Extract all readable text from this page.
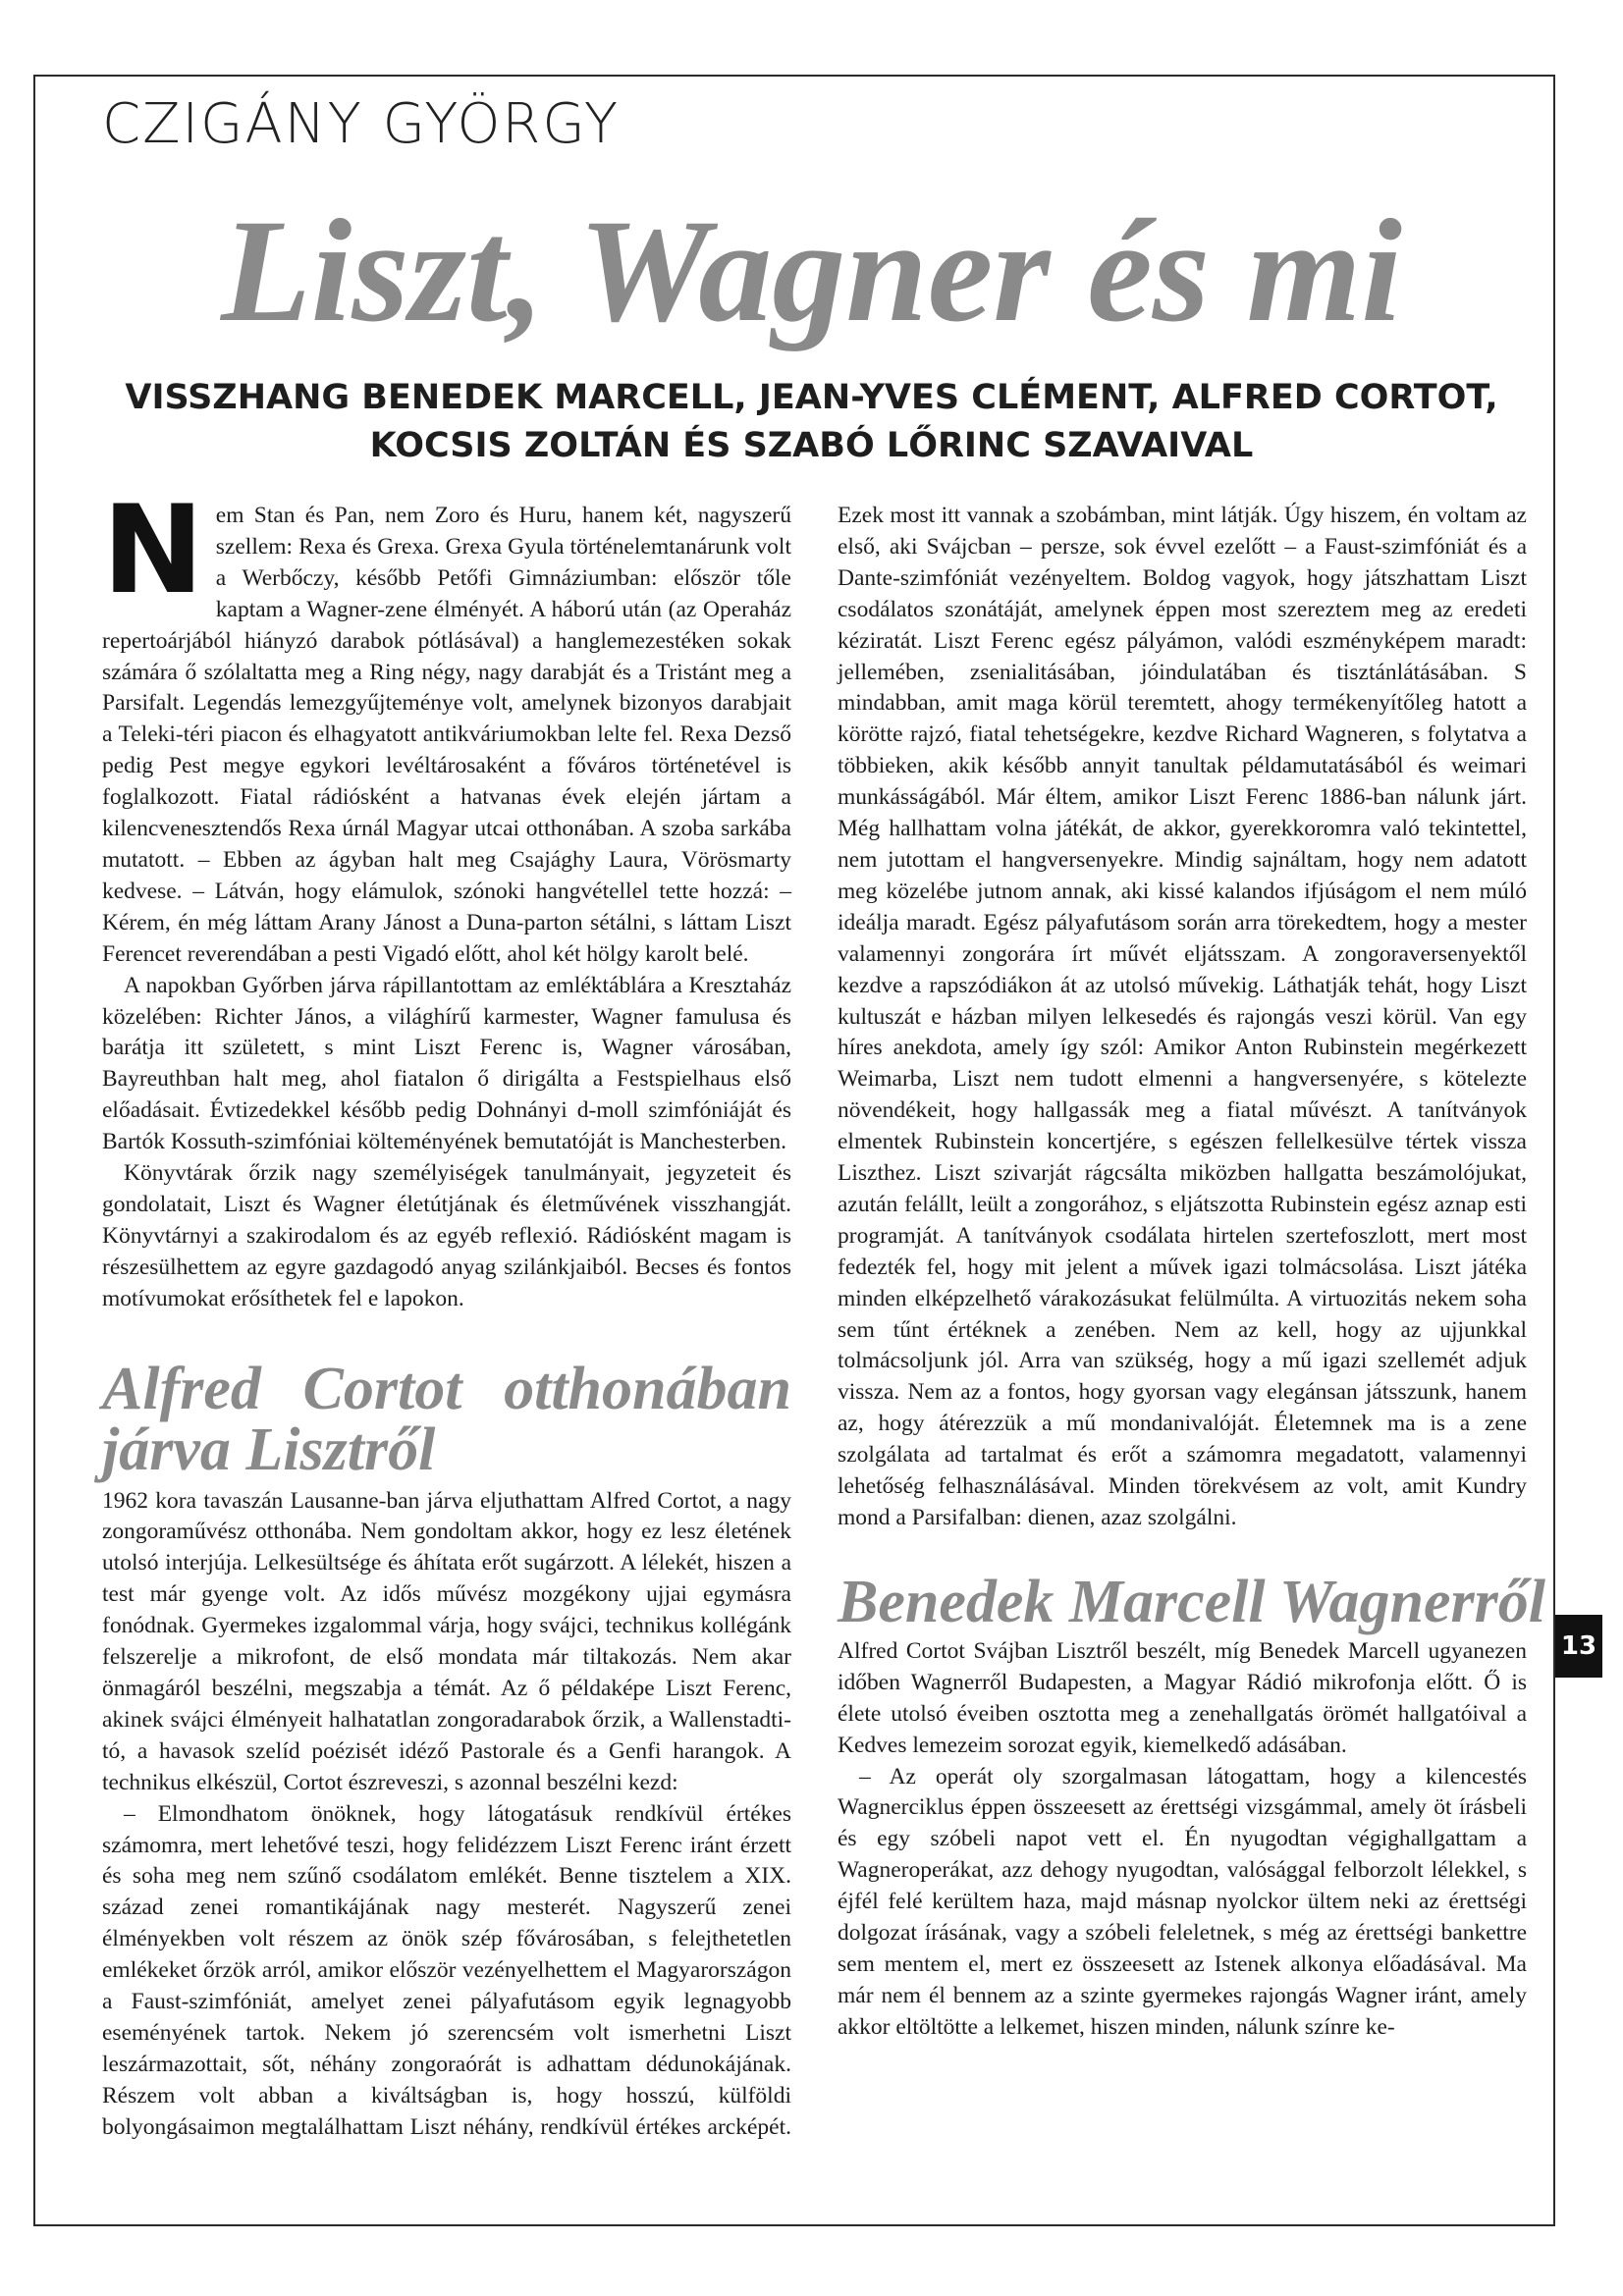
CZIGÁNY GYÖRGY
Liszt, Wagner és mi
VISSZHANG BENEDEK MARCELL, JEAN-YVES CLÉMENT, ALFRED CORTOT,
KOCSIS ZOLTÁN ÉS SZABÓ LŐRINC SZAVAIVAL

Nem Stan és Pan, nem Zoro és Huru, hanem két, nagyszerű szellem: Rexa és Grexa. Grexa Gyula történelemtanárunk volt a Werbőczy, később Petőfi Gimnáziumban: először tőle kaptam a Wagner-zene élményét. A háború után (az Operaház repertoárjából hiányzó darabok pótlásával) a hanglemezestéken sokak számára ő szólaltatta meg a Ring négy, nagy darabját és a Tristánt meg a Parsifalt. Legendás lemezgyűjteménye volt, amelynek bizonyos darabjait a Teleki-téri piacon és elhagyatott antikváriumokban lelte fel. Rexa Dezső pedig Pest megye egykori levéltárosaként a főváros történetével is foglalkozott. Fiatal rádiósként a hatvanas évek elején jártam a kilencvenesztendős Rexa úrnál Magyar utcai otthonában. A szoba sarkába mutatott. – Ebben az ágyban halt meg Csajághy Laura, Vörösmarty kedvese. – Látván, hogy elámulok, szónoki hangvétellel tette hozzá: – Kérem, én még láttam Arany Jánost a Duna-parton sétálni, s láttam Liszt Ferencet reverendában a pesti Vigadó előtt, ahol két hölgy karolt belé.

A napokban Győrben járva rápillantottam az emléktáblára a Kresztaház közelében: Richter János, a világhírű karmester, Wagner famulusa és barátja itt született, s mint Liszt Ferenc is, Wagner városában, Bayreuthban halt meg, ahol fiatalon ő dirigálta a Festspielhaus első előadásait. Évtizedekkel később pedig Dohnányi d-moll szimfóniáját és Bartók Kossuth-szimfóniai költeményének bemutatóját is Manchesterben.

Könyvtárak őrzik nagy személyiségek tanulmányait, jegyzeteit és gondolatait, Liszt és Wagner életútjának és életművének visszhangját. Könyvtárnyi a szakirodalom és az egyéb reflexió. Rádiósként magam is részesülhettem az egyre gazdagodó anyag szilánkjaiból. Becses és fontos motívumokat erősíthetek fel e lapokon.

Alfred Cortot otthonában járva Lisztről

1962 kora tavaszán Lausanne-ban járva eljuthattam Alfred Cortot, a nagy zongoraművész otthonába. Nem gondoltam akkor, hogy ez lesz életének utolsó interjúja. Lelkesültsége és áhítata erőt sugárzott. A lélekét, hiszen a test már gyenge volt. Az idős művész mozgékony ujjai egymásra fonódnak. Gyermekes izgalommal várja, hogy svájci, technikus kollégánk felszerelje a mikrofont, de első mondata már tiltakozás. Nem akar önmagáról beszélni, megszabja a témát. Az ő példaképe Liszt Ferenc, akinek svájci élményeit halhatatlan zongoradarabok őrzik, a Wallenstadti-tó, a havasok szelíd poézisét idéző Pastorale és a Genfi harangok. A technikus elkészül, Cortot észreveszi, s azonnal beszélni kezd:

– Elmondhatom önöknek, hogy látogatásuk rendkívül értékes számomra, mert lehetővé teszi, hogy felidézzem Liszt Ferenc iránt érzett és soha meg nem szűnő csodálatom emlékét. Benne tisztelem a XIX. század zenei romantikájának nagy mesterét. Nagyszerű zenei élményekben volt részem az önök szép fővárosában, s felejthetetlen emlékeket őrzök arról, amikor először vezényelhettem el Magyarországon a Faust-szimfóniát, amelyet zenei pályafutásom egyik legnagyobb eseményének tartok. Nekem jó szerencsém volt ismerhetni Liszt leszármazottait, sőt, néhány zongoraórát is adhattam dédunokájának. Részem volt abban a kiváltságban is, hogy hosszú, külföldi bolyongásaimon megtalálhattam Liszt néhány, rendkívül értékes arcképét.

Ezek most itt vannak a szobámban, mint látják. Úgy hiszem, én voltam az első, aki Svájcban – persze, sok évvel ezelőtt – a Faust-szimfóniát és a Dante-szimfóniát vezényeltem. Boldog vagyok, hogy játszhattam Liszt csodálatos szonátáját, amelynek éppen most szereztem meg az eredeti kéziratát. Liszt Ferenc egész pályámon, valódi eszményképem maradt: jellemében, zsenialitásában, jóindulatában és tisztánlátásában. S mindabban, amit maga körül teremtett, ahogy termékenyítőleg hatott a körötte rajzó, fiatal tehetségekre, kezdve Richard Wagneren, s folytatva a többieken, akik később annyit tanultak példamutatásából és weimari munkásságából. Már éltem, amikor Liszt Ferenc 1886-ban nálunk járt. Még hallhattam volna játékát, de akkor, gyerekkoromra való tekintettel, nem jutottam el hangversenyekre. Mindig sajnáltam, hogy nem adatott meg közelébe jutnom annak, aki kissé kalandos ifjúságom el nem múló ideálja maradt. Egész pályafutásom során arra törekedtem, hogy a mester valamennyi zongorára írt művét eljátsszam. A zongoraversenyektől kezdve a rapszódiákon át az utolsó művekig. Láthatják tehát, hogy Liszt kultuszát e házban milyen lelkesedés és rajongás veszi körül. Van egy híres anekdota, amely így szól: Amikor Anton Rubinstein megérkezett Weimarba, Liszt nem tudott elmenni a hangversenyére, s kötelezte növendékeit, hogy hallgassák meg a fiatal művészt. A tanítványok elmentek Rubinstein koncertjére, s egészen fellelkesülve tértek vissza Liszthez. Liszt szivarját rágcsálta miközben hallgatta beszámolójukat, azután felállt, leült a zongorához, s eljátszotta Rubinstein egész aznap esti programját. A tanítványok csodálata hirtelen szertefoszlott, mert most fedezték fel, hogy mit jelent a művek igazi tolmácsolása. Liszt játéka minden elképzelhető várakozásukat felülmúlta. A virtuozitás nekem soha sem tűnt értéknek a zenében. Nem az kell, hogy az ujjunkkal tolmácsoljunk jól. Arra van szükség, hogy a mű igazi szellemét adjuk vissza. Nem az a fontos, hogy gyorsan vagy elegánsan játsszunk, hanem az, hogy átérezzük a mű mondanivalóját. Életemnek ma is a zene szolgálata ad tartalmat és erőt a számomra megadatott, valamennyi lehetőség felhasználásával. Minden törekvésem az volt, amit Kundry mond a Parsifalban: dienen, azaz szolgálni.

Benedek Marcell Wagnerről

Alfred Cortot Svájban Lisztről beszélt, míg Benedek Marcell ugyanezen időben Wagnerről Budapesten, a Magyar Rádió mikrofonja előtt. Ő is élete utolsó éveiben osztotta meg a zenehallgatás örömét hallgatóival a Kedves lemezeim sorozat egyik, kiemelkedő adásában.

– Az operát oly szorgalmasan látogattam, hogy a kilencestés Wagnerciklus éppen összeesett az érettségi vizsgámmal, amely öt írásbeli és egy szóbeli napot vett el. Én nyugodtan végighallgattam a Wagneroperákat, azz dehogy nyugodtan, valósággal felborzolt lélekkel, s éjfél felé kerültem haza, majd másnap nyolckor ültem neki az érettségi dolgozat írásának, vagy a szóbeli feleletnek, s még az érettségi bankettre sem mentem el, mert ez összeesett az Istenek alkonya előadásával. Ma már nem él bennem az a szinte gyermekes rajongás Wagner iránt, amely akkor eltöltötte a lelkemet, hiszen minden, nálunk színre ke-

13
